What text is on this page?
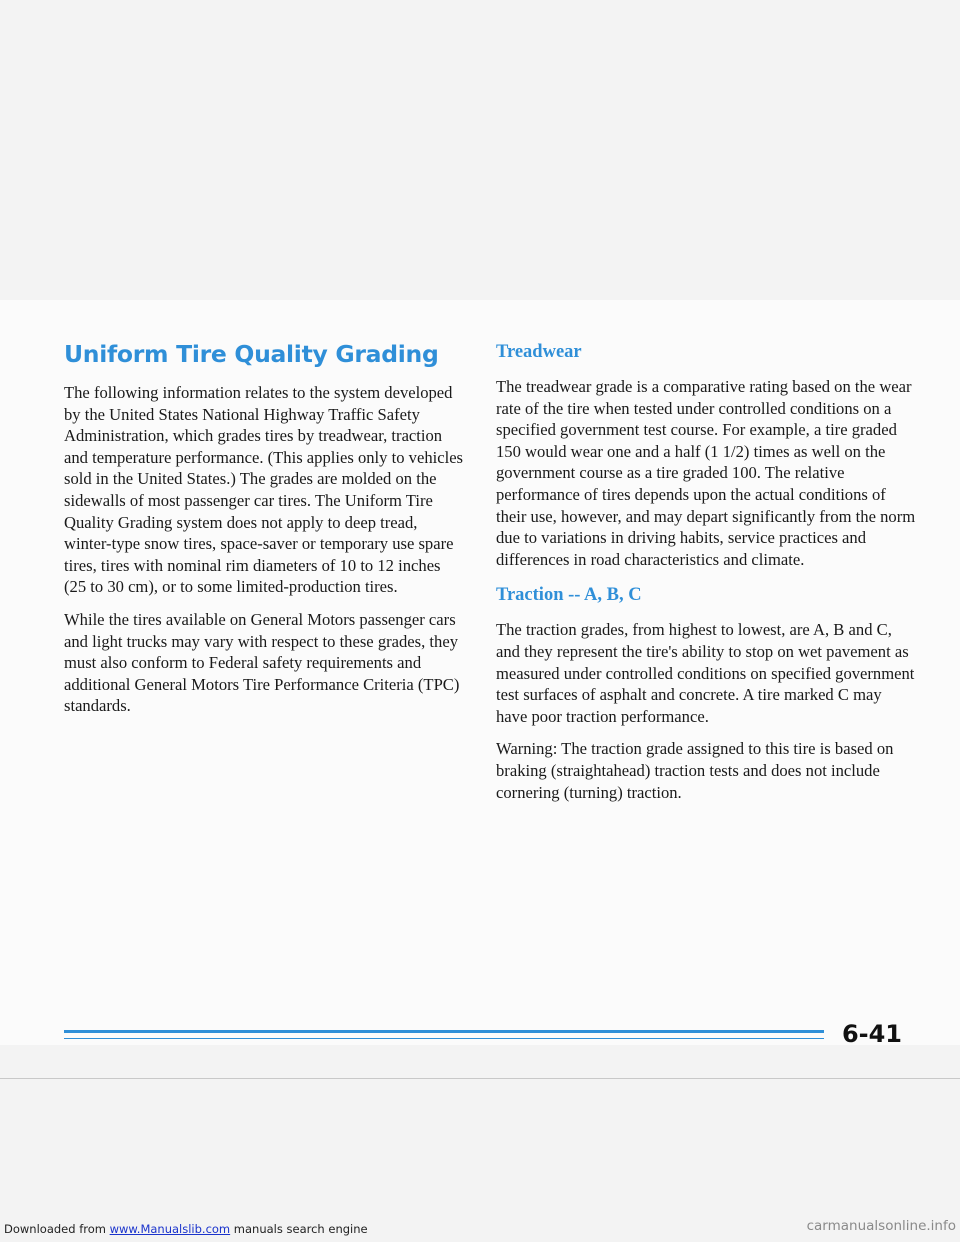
Uniform Tire Quality Grading

The following information relates to the system developed by the United States National Highway Traffic Safety Administration, which grades tires by treadwear, traction and temperature performance. (This applies only to vehicles sold in the United States.) The grades are molded on the sidewalls of most passenger car tires. The Uniform Tire Quality Grading system does not apply to deep tread, winter-type snow tires, space-saver or temporary use spare tires, tires with nominal rim diameters of 10 to 12 inches (25 to 30 cm), or to some limited-production tires.

While the tires available on General Motors passenger cars and light trucks may vary with respect to these grades, they must also conform to Federal safety requirements and additional General Motors Tire Performance Criteria (TPC) standards.

Treadwear

The treadwear grade is a comparative rating based on the wear rate of the tire when tested under controlled conditions on a specified government test course. For example, a tire graded 150 would wear one and a half (1 1/2) times as well on the government course as a tire graded 100. The relative performance of tires depends upon the actual conditions of their use, however, and may depart significantly from the norm due to variations in driving habits, service practices and differences in road characteristics and climate.

Traction -- A, B, C

The traction grades, from highest to lowest, are A, B and C, and they represent the tire's ability to stop on wet pavement as measured under controlled conditions on specified government test surfaces of asphalt and concrete. A tire marked C may have poor traction performance.

Warning: The traction grade assigned to this tire is based on braking (straightahead) traction tests and does not include cornering (turning) traction.

6-41
Downloaded from www.Manualslib.com manuals search engine	carmanualsonline.info
